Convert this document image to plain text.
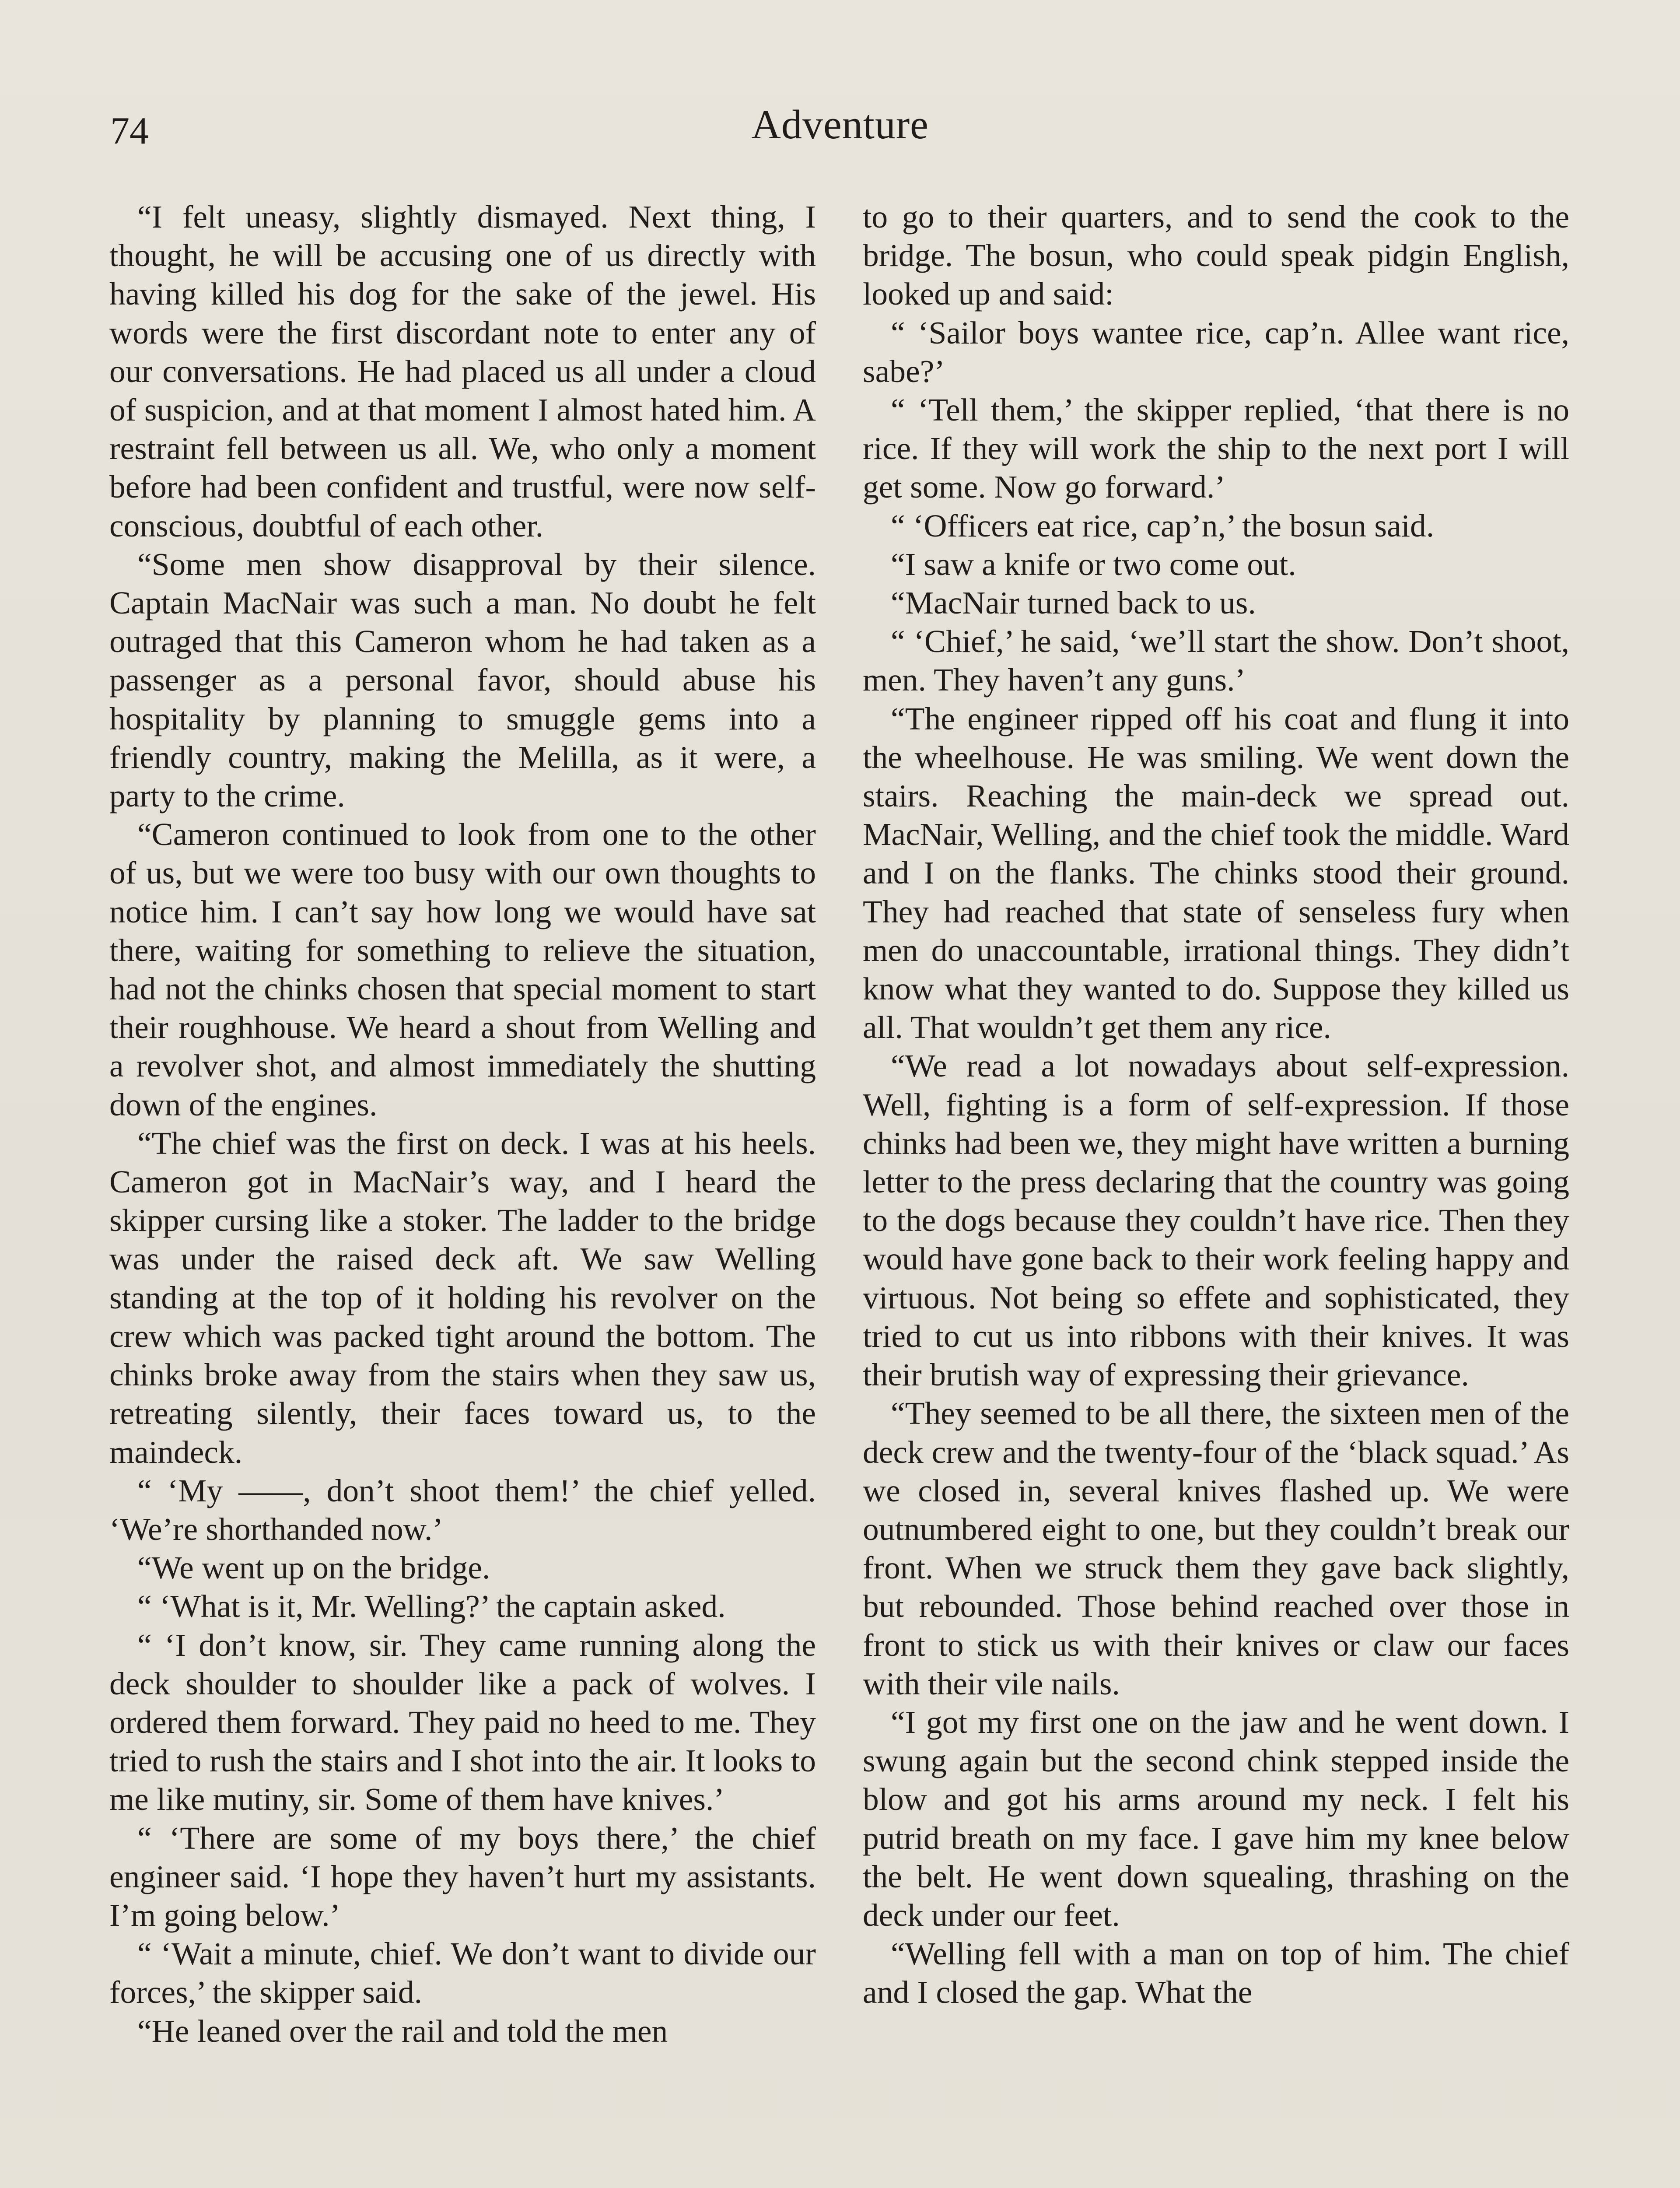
74	Adventure

“I felt uneasy, slightly dismayed. Next thing, I thought, he will be accusing one of us directly with having killed his dog for the sake of the jewel. His words were the first discordant note to enter any of our conversations. He had placed us all under a cloud of suspicion, and at that moment I almost hated him. A restraint fell between us all. We, who only a moment before had been confident and trustful, were now self-conscious, doubtful of each other.

“Some men show disapproval by their silence. Captain MacNair was such a man. No doubt he felt outraged that this Cameron whom he had taken as a passenger as a personal favor, should abuse his hospitality by planning to smuggle gems into a friendly country, making the Melilla, as it were, a party to the crime.

“Cameron continued to look from one to the other of us, but we were too busy with our own thoughts to notice him. I can’t say how long we would have sat there, waiting for something to relieve the situation, had not the chinks chosen that special moment to start their roughhouse. We heard a shout from Welling and a revolver shot, and almost immediately the shutting down of the engines.

“The chief was the first on deck. I was at his heels. Cameron got in MacNair’s way, and I heard the skipper cursing like a stoker. The ladder to the bridge was under the raised deck aft. We saw Welling standing at the top of it holding his revolver on the crew which was packed tight around the bottom. The chinks broke away from the stairs when they saw us, retreating silently, their faces toward us, to the maindeck.

“ ‘My ——, don’t shoot them!’ the chief yelled. ‘We’re shorthanded now.’

“We went up on the bridge.

“ ‘What is it, Mr. Welling?’ the captain asked.

“ ‘I don’t know, sir. They came running along the deck shoulder to shoulder like a pack of wolves. I ordered them forward. They paid no heed to me. They tried to rush the stairs and I shot into the air. It looks to me like mutiny, sir. Some of them have knives.’

“ ‘There are some of my boys there,’ the chief engineer said. ‘I hope they haven’t hurt my assistants. I’m going below.’

“ ‘Wait a minute, chief. We don’t want to divide our forces,’ the skipper said.

“He leaned over the rail and told the men

to go to their quarters, and to send the cook to the bridge. The bosun, who could speak pidgin English, looked up and said:

“ ‘Sailor boys wantee rice, cap’n. Allee want rice, sabe?’

“ ‘Tell them,’ the skipper replied, ‘that there is no rice. If they will work the ship to the next port I will get some. Now go forward.’

“ ‘Officers eat rice, cap’n,’ the bosun said.

“I saw a knife or two come out.

“MacNair turned back to us.

“ ‘Chief,’ he said, ‘we’ll start the show. Don’t shoot, men. They haven’t any guns.’

“The engineer ripped off his coat and flung it into the wheelhouse. He was smiling. We went down the stairs. Reaching the main-deck we spread out. MacNair, Welling, and the chief took the middle. Ward and I on the flanks. The chinks stood their ground. They had reached that state of senseless fury when men do unaccountable, irrational things. They didn’t know what they wanted to do. Suppose they killed us all. That wouldn’t get them any rice.

“We read a lot nowadays about self-expression. Well, fighting is a form of self-expression. If those chinks had been we, they might have written a burning letter to the press declaring that the country was going to the dogs because they couldn’t have rice. Then they would have gone back to their work feeling happy and virtuous. Not being so effete and sophisticated, they tried to cut us into ribbons with their knives. It was their brutish way of expressing their grievance.

“They seemed to be all there, the sixteen men of the deck crew and the twenty-four of the ‘black squad.’ As we closed in, several knives flashed up. We were outnumbered eight to one, but they couldn’t break our front. When we struck them they gave back slightly, but rebounded. Those behind reached over those in front to stick us with their knives or claw our faces with their vile nails.

“I got my first one on the jaw and he went down. I swung again but the second chink stepped inside the blow and got his arms around my neck. I felt his putrid breath on my face. I gave him my knee below the belt. He went down squealing, thrashing on the deck under our feet.

“Welling fell with a man on top of him. The chief and I closed the gap. What the
